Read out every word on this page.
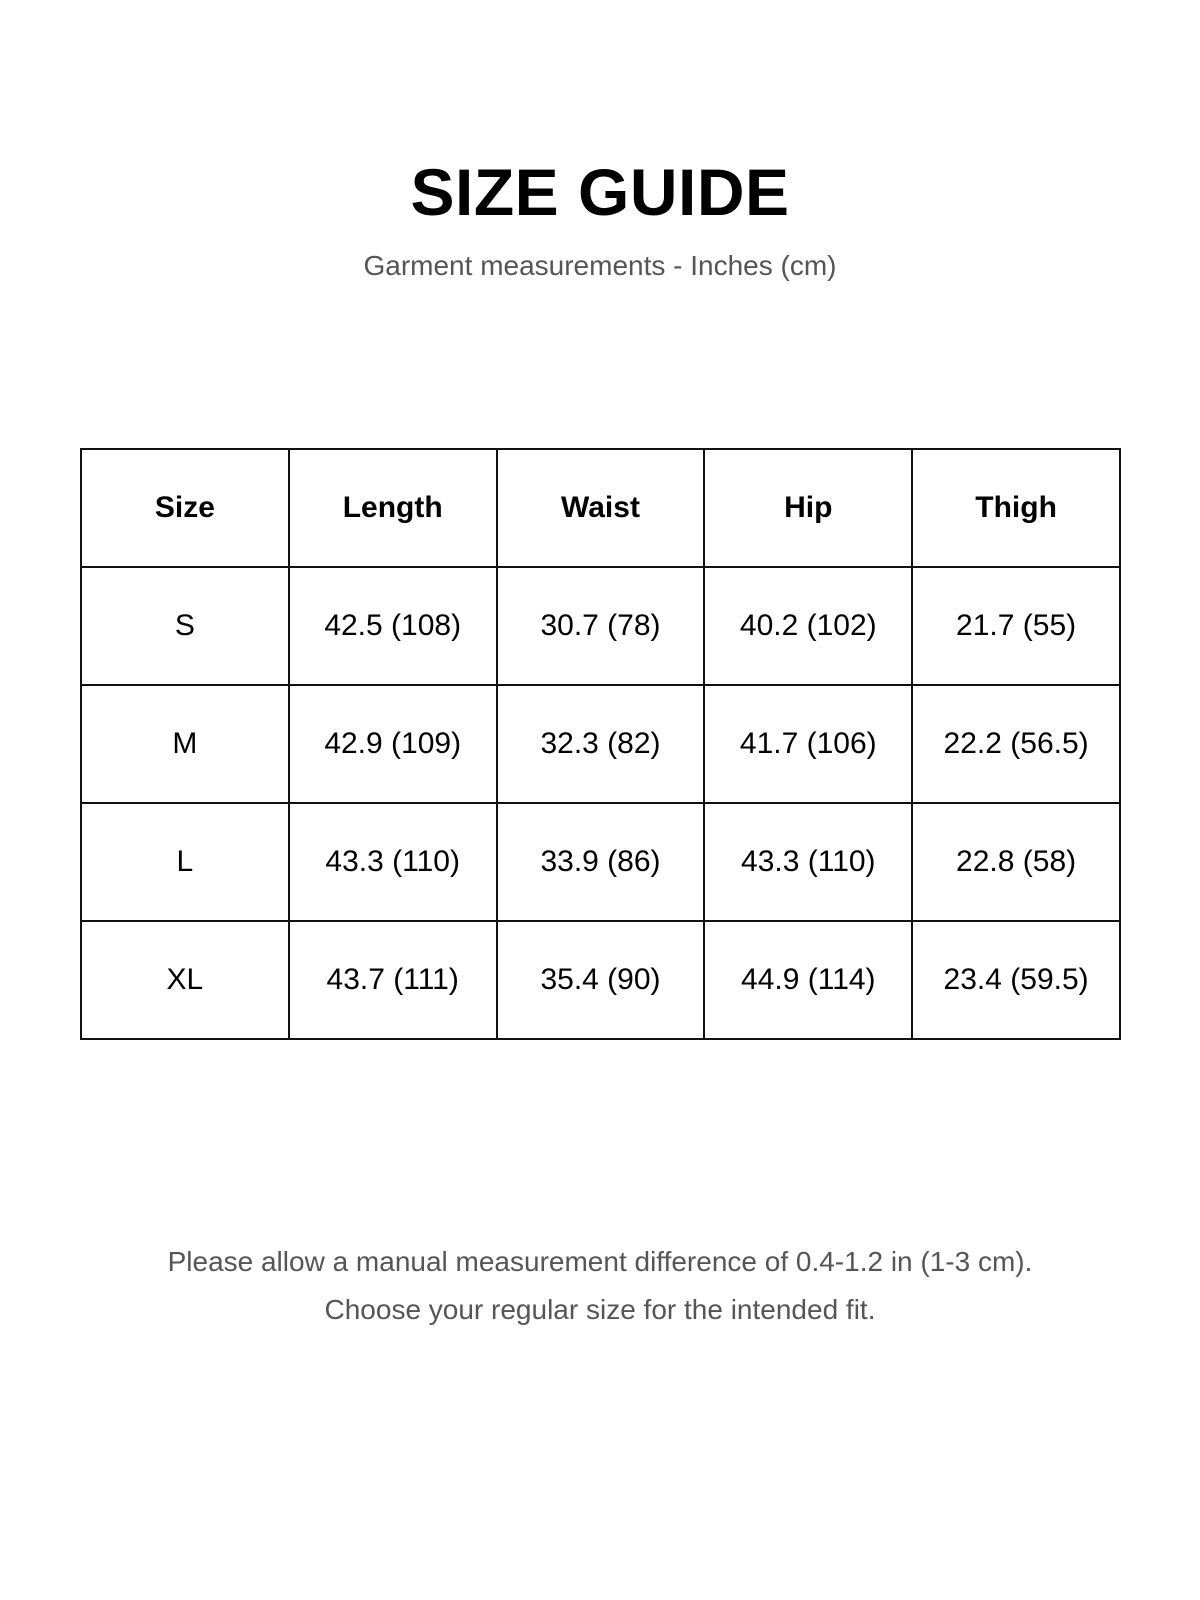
SIZE GUIDE

Garment measurements - Inches (cm)

Size	Length	Waist	Hip	Thigh
S	42.5 (108)	30.7 (78)	40.2 (102)	21.7 (55)
M	42.9 (109)	32.3 (82)	41.7 (106)	22.2 (56.5)
L	43.3 (110)	33.9 (86)	43.3 (110)	22.8 (58)
XL	43.7 (111)	35.4 (90)	44.9 (114)	23.4 (59.5)

Please allow a manual measurement difference of 0.4-1.2 in (1-3 cm).

Choose your regular size for the intended fit.
